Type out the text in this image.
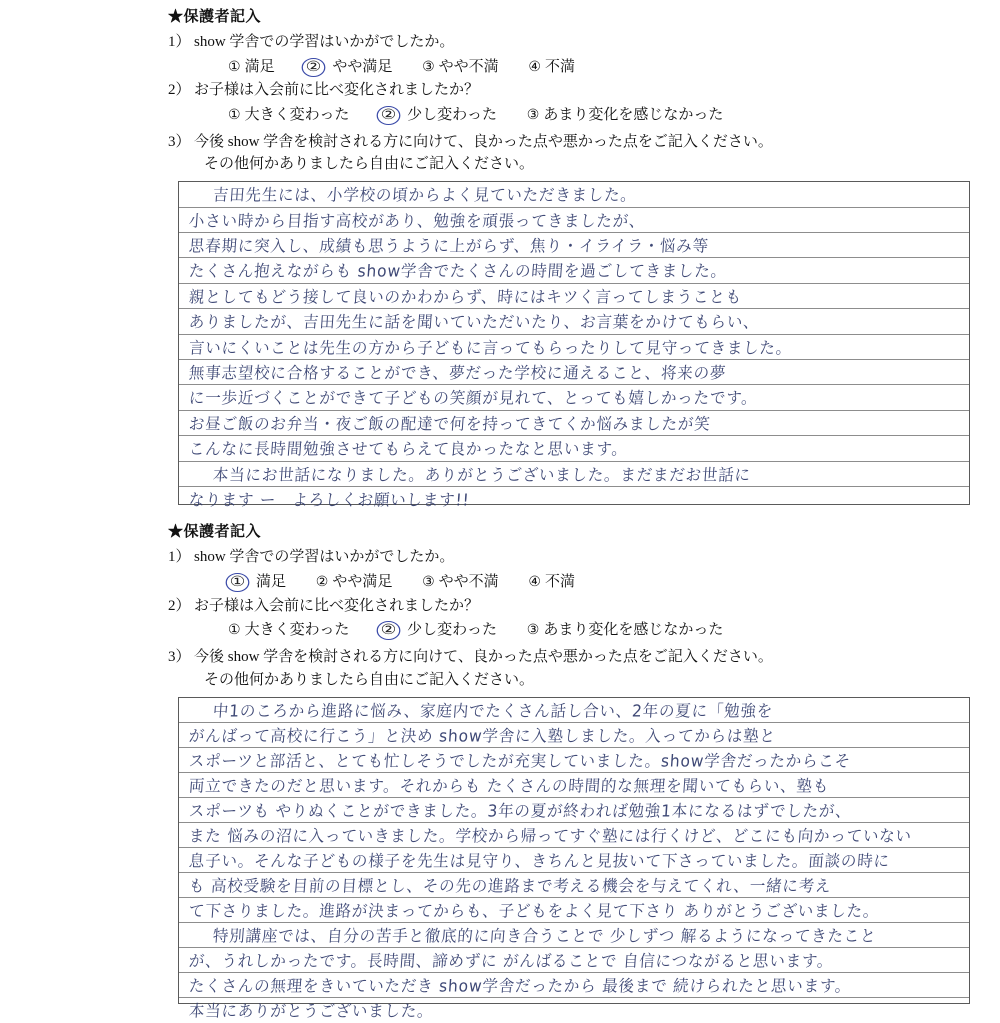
★保護者記入
1） show 学舎での学習はいかがでしたか。
① 満足 ② やや満足 ③ やや不満 ④ 不満
2） お子様は入会前に比べ変化されましたか？
① 大きく変わった ② 少し変わった ③ あまり変化を感じなかった
3） 今後 show 学舎を検討される方に向けて、良かった点や悪かった点をご記入ください。
その他何かありましたら自由にご記入ください。
吉田先生には、小学校の頃からよく見ていただきました。
小さい時から目指す高校があり、勉強を頑張ってきましたが、
思春期に突入し、成績も思うように上がらず、焦り・イライラ・悩み等
たくさん抱えながらも show学舎でたくさんの時間を過ごしてきました。
親としてもどう接して良いのかわからず、時にはキツく言ってしまうことも
ありましたが、吉田先生に話を聞いていただいたり、お言葉をかけてもらい、
言いにくいことは先生の方から子どもに言ってもらったりして見守ってきました。
無事志望校に合格することができ、夢だった学校に通えること、将来の夢
に一歩近づくことができて子どもの笑顔が見れて、とっても嬉しかったです。
お昼ご飯のお弁当・夜ご飯の配達で何を持ってきてくか悩みましたが笑
こんなに長時間勉強させてもらえて良かったなと思います。
本当にお世話になりました。ありがとうございました。まだまだお世話に
なります ー　よろしくお願いします!!
★保護者記入
1） show 学舎での学習はいかがでしたか。
① 満足 ② やや満足 ③ やや不満 ④ 不満
2） お子様は入会前に比べ変化されましたか？
① 大きく変わった ② 少し変わった ③ あまり変化を感じなかった
3） 今後 show 学舎を検討される方に向けて、良かった点や悪かった点をご記入ください。
その他何かありましたら自由にご記入ください。
中1のころから進路に悩み、家庭内でたくさん話し合い、2年の夏に「勉強を
がんばって高校に行こう」と決め show学舎に入塾しました。入ってからは塾と
スポーツと部活と、とても忙しそうでしたが充実していました。show学舎だったからこそ
両立できたのだと思います。それからも たくさんの時間的な無理を聞いてもらい、塾も
スポーツも やりぬくことができました。3年の夏が終われば勉強1本になるはずでしたが、
また 悩みの沼に入っていきました。学校から帰ってすぐ塾には行くけど、どこにも向かっていない
息子い。そんな子どもの様子を先生は見守り、きちんと見抜いて下さっていました。面談の時に
も 高校受験を目前の目標とし、その先の進路まで考える機会を与えてくれ、一緒に考え
て下さりました。進路が決まってからも、子どもをよく見て下さり ありがとうございました。
特別講座では、自分の苦手と徹底的に向き合うことで 少しずつ 解るようになってきたこと
が、うれしかったです。長時間、諦めずに がんばることで 自信につながると思います。
たくさんの無理をきいていただき show学舎だったから 最後まで 続けられたと思います。
本当にありがとうございました。
